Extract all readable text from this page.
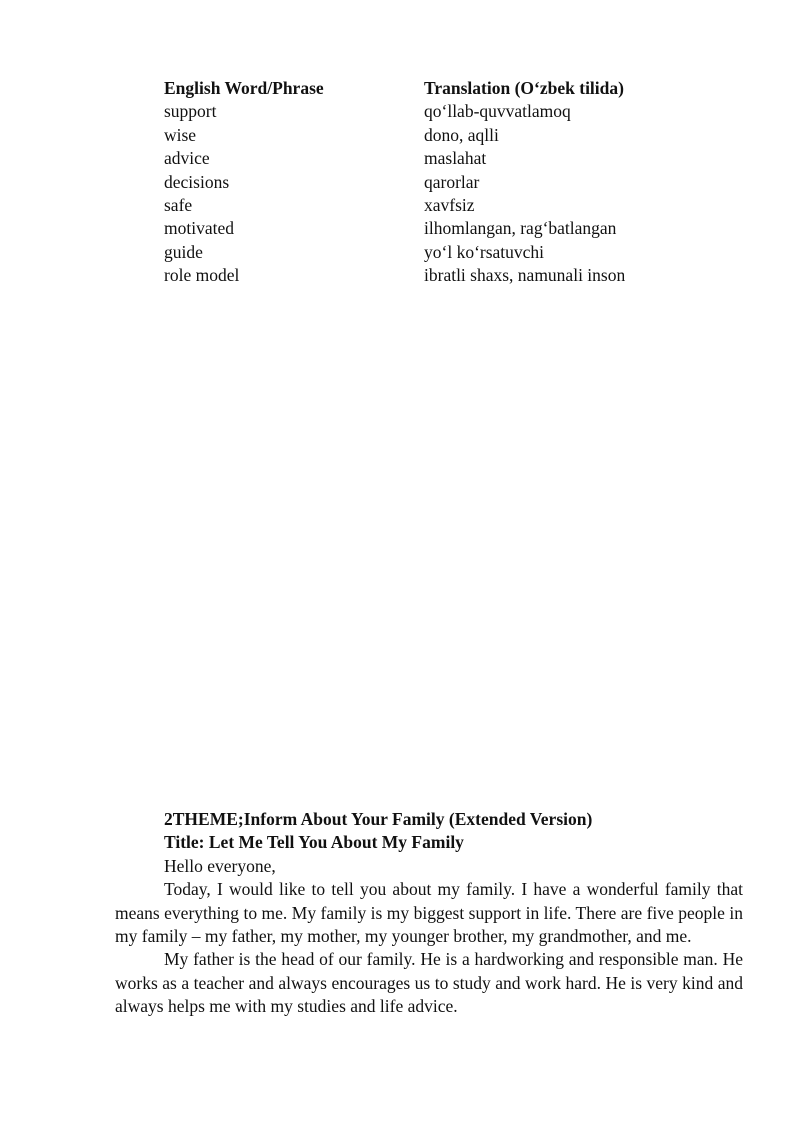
English Word/Phrase	Translation (O‘zbek tilida)
support	qo‘llab-quvvatlamoq
wise	dono, aqlli
advice	maslahat
decisions	qarorlar
safe	xavfsiz
motivated	ilhomlangan, rag‘batlangan
guide	yo‘l ko‘rsatuvchi
role model	ibratli shaxs, namunali inson
2THEME;Inform About Your Family (Extended Version)
Title: Let Me Tell You About My Family

Hello everyone,

Today, I would like to tell you about my family. I have a wonderful family that means everything to me. My family is my biggest support in life. There are five people in my family – my father, my mother, my younger brother, my grandmother, and me.

My father is the head of our family. He is a hardworking and responsible man. He works as a teacher and always encourages us to study and work hard. He is very kind and always helps me with my studies and life advice.
